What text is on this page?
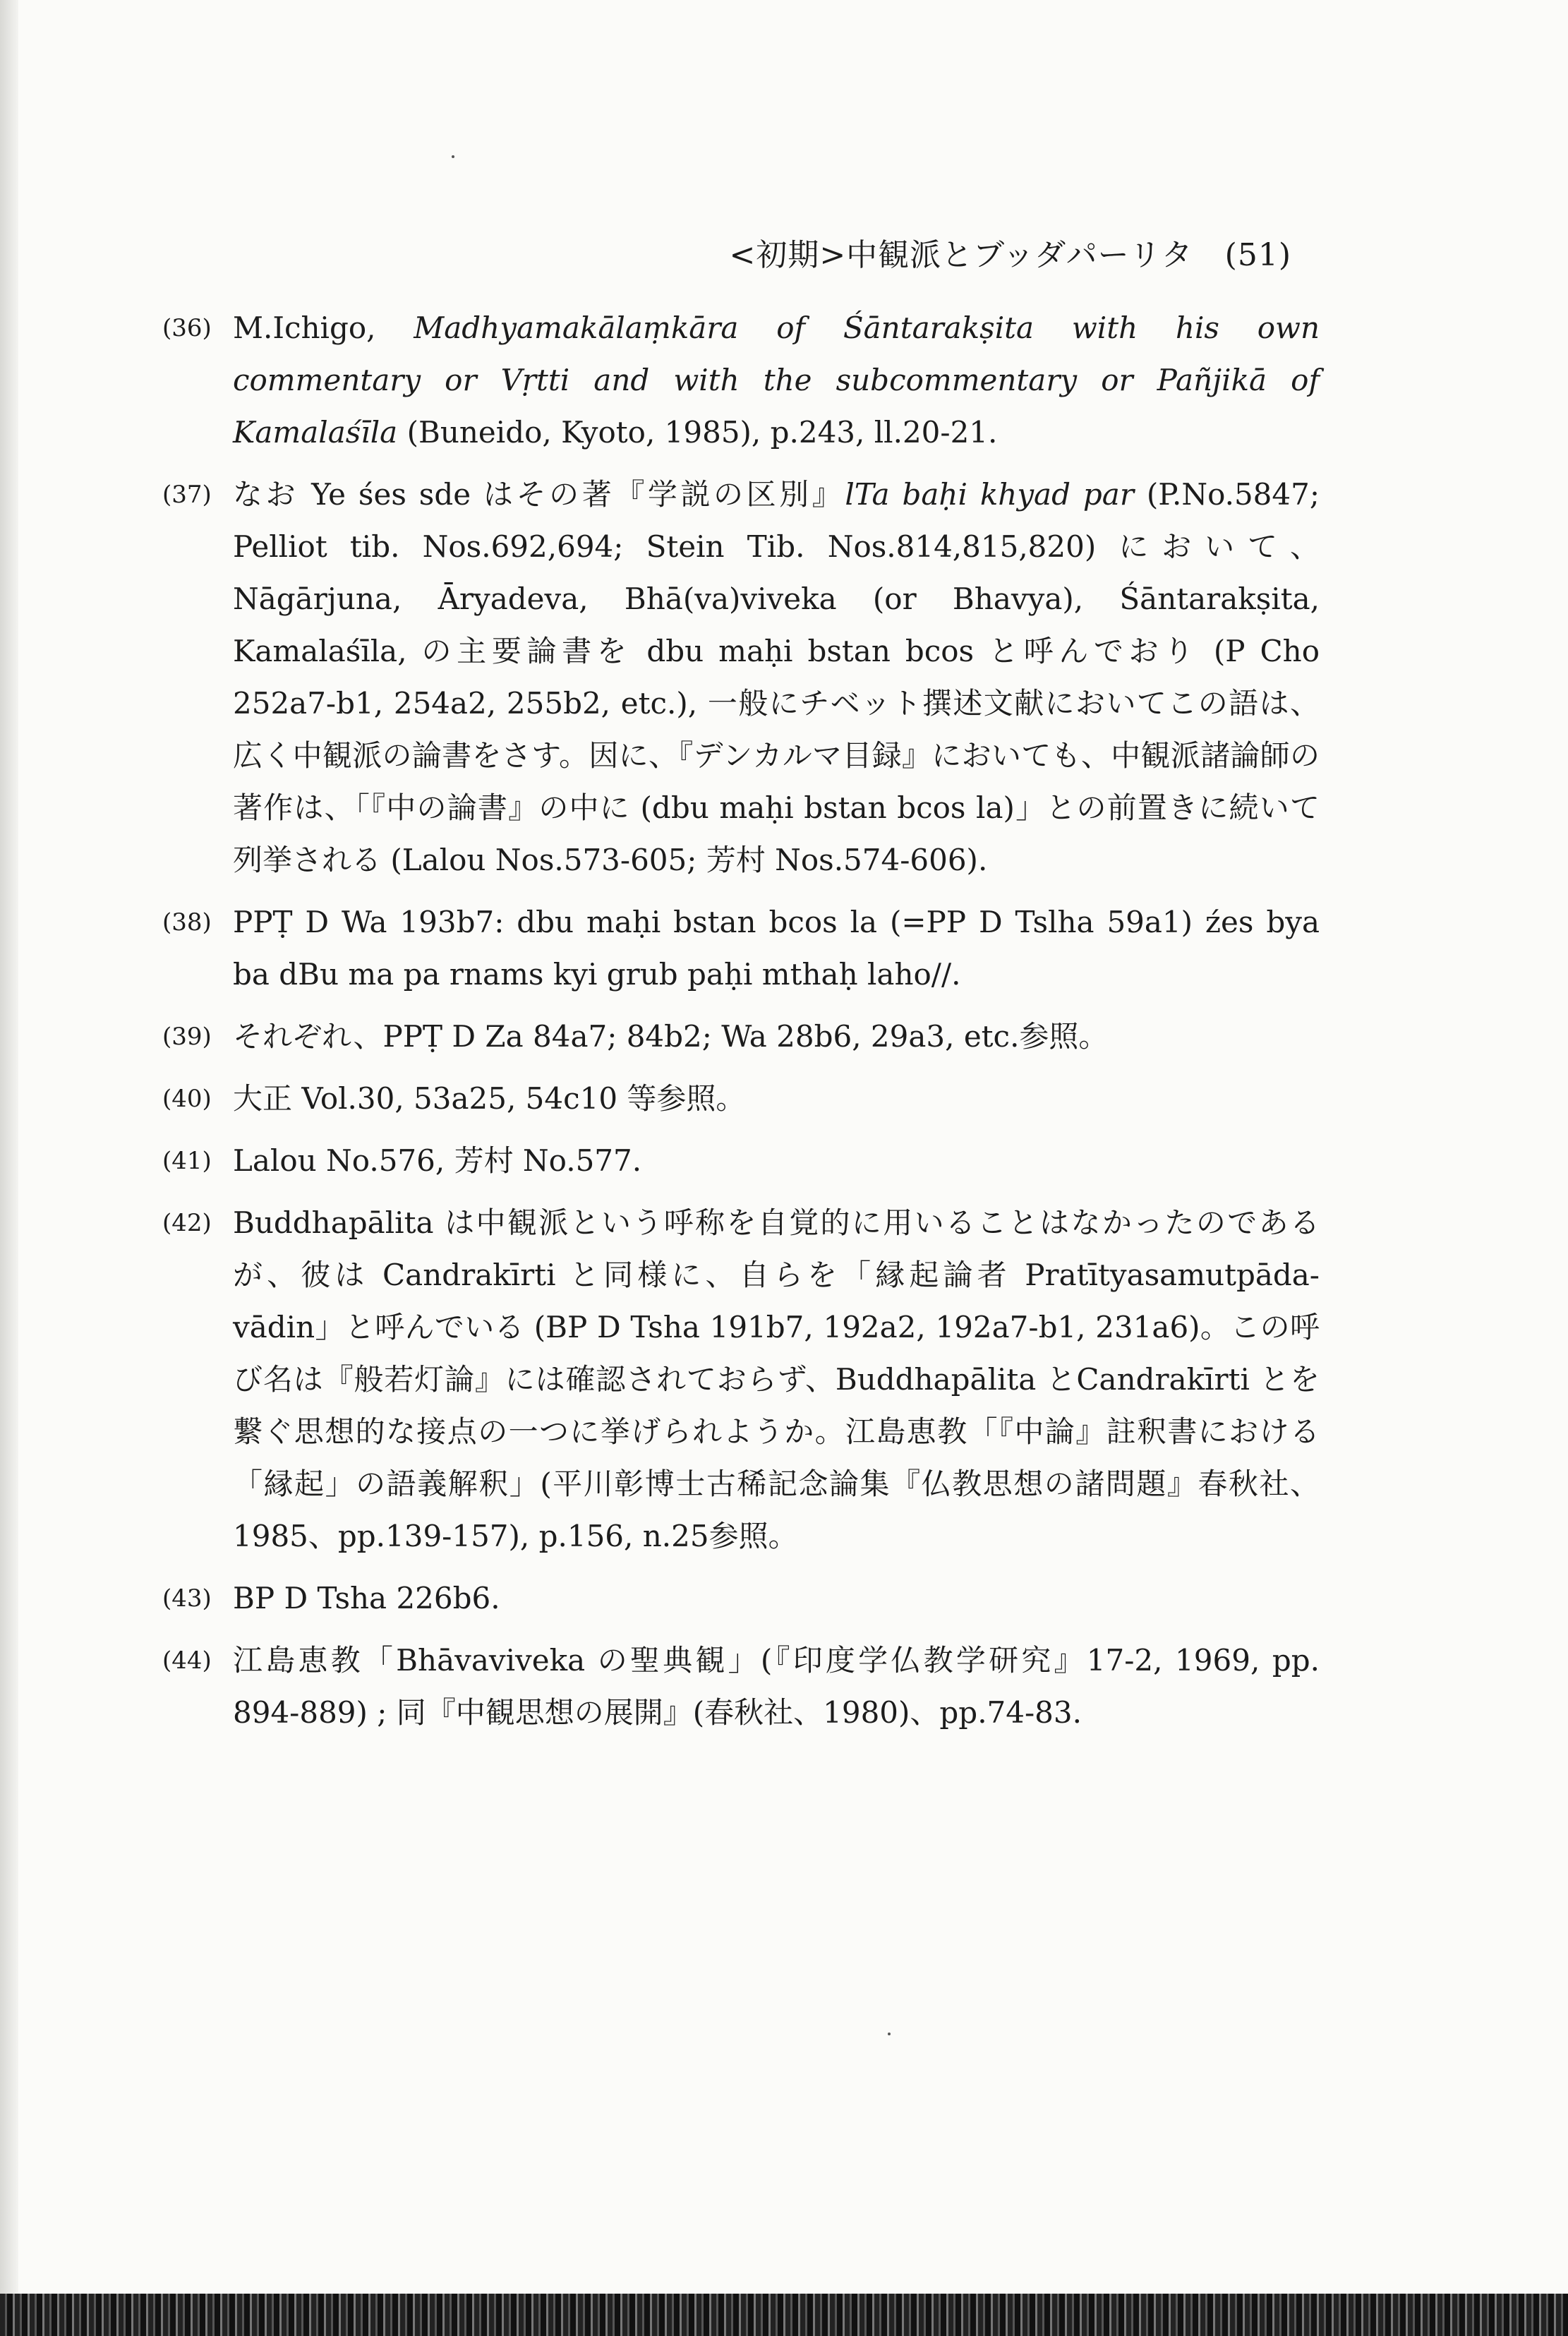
<初期>中観派とブッダパーリタ　(51)
(36) M.Ichigo, Madhyamakālaṃkāra of Śāntarakṣita with his own commentary or Vṛtti and with the subcommentary or Pañjikā of Kamalaśīla (Buneido, Kyoto, 1985), p.243, ll.20-21.
(37) なお Ye śes sde はその著『学説の区別』lTa baḥi khyad par (P.No.5847; Pelliot tib. Nos.692,694; Stein Tib. Nos.814,815,820) において、Nāgārjuna, Āryadeva, Bhā(va)viveka (or Bhavya), Śāntarakṣita, Kamalaśīla, の主要論書を dbu maḥi bstan bcos と呼んでおり (P Cho 252a7-b1, 254a2, 255b2, etc.), 一般にチベット撰述文献においてこの語は、広く中観派の論書をさす。因に、『デンカルマ目録』においても、中観派諸論師の著作は、「『中の論書』の中に (dbu maḥi bstan bcos la)」との前置きに続いて列挙される (Lalou Nos.573-605; 芳村 Nos.574-606).
(38) PPṬ D Wa 193b7: dbu maḥi bstan bcos la (=PP D Tslha 59a1) źes bya ba dBu ma pa rnams kyi grub paḥi mthaḥ laho//.
(39) それぞれ、PPṬ D Za 84a7; 84b2; Wa 28b6, 29a3, etc.参照。
(40) 大正 Vol.30, 53a25, 54c10 等参照。
(41) Lalou No.576, 芳村 No.577.
(42) Buddhapālita は中観派という呼称を自覚的に用いることはなかったのであるが、彼は Candrakīrti と同様に、自らを「縁起論者 Pratītyasamutpāda-vādin」と呼んでいる (BP D Tsha 191b7, 192a2, 192a7-b1, 231a6)。この呼び名は『般若灯論』には確認されておらず、Buddhapālita とCandrakīrti とを繋ぐ思想的な接点の一つに挙げられようか。江島恵教「『中論』註釈書における「縁起」の語義解釈」(平川彰博士古稀記念論集『仏教思想の諸問題』春秋社、1985、pp.139-157), p.156, n.25参照。
(43) BP D Tsha 226b6.
(44) 江島恵教「Bhāvaviveka の聖典観」(『印度学仏教学研究』17-2, 1969, pp. 894-889) ; 同『中観思想の展開』(春秋社、1980)、pp.74-83.
